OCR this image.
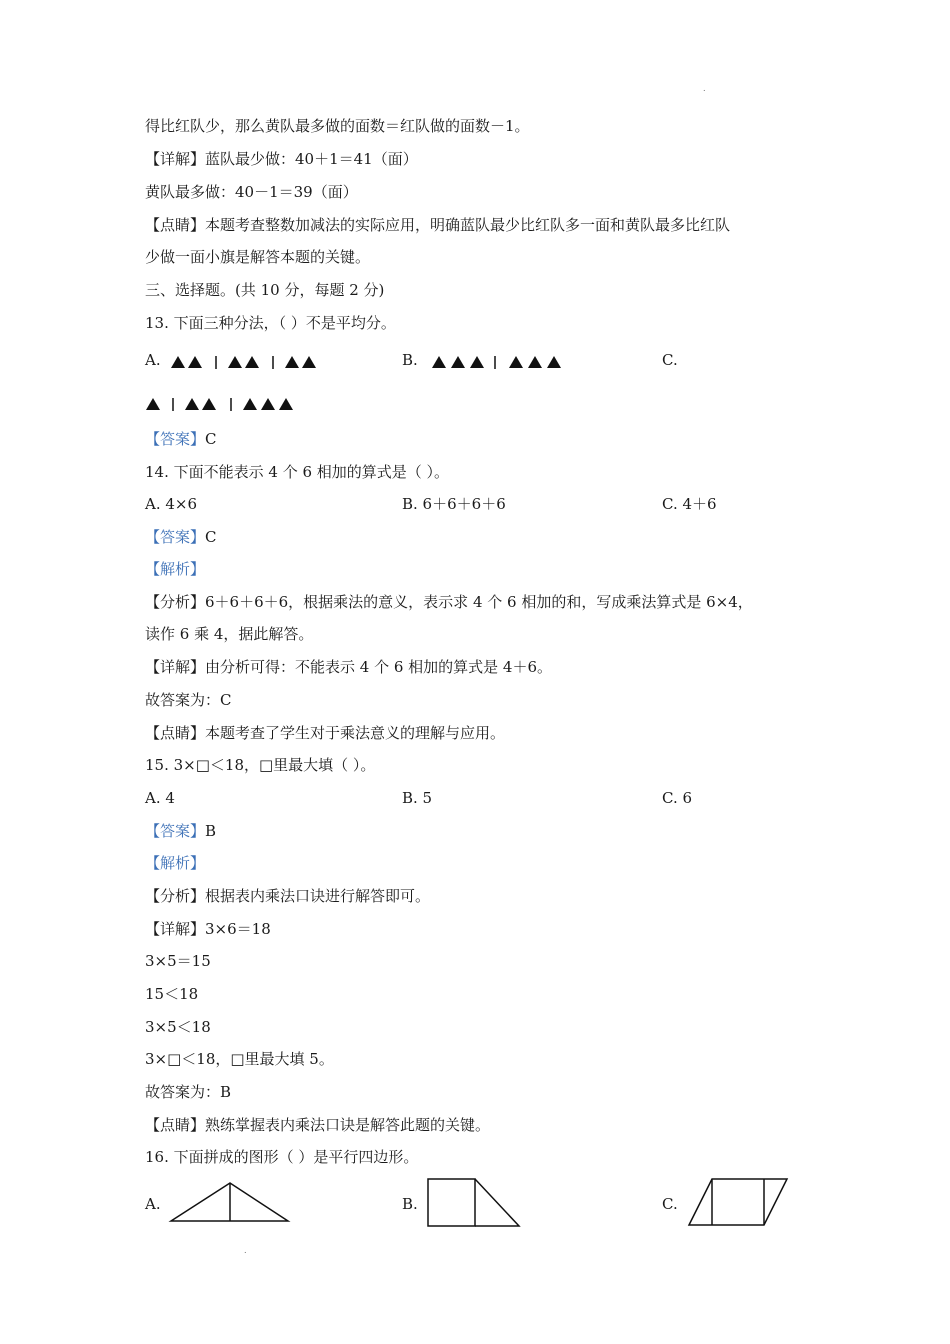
.
.
得比红队少，那么黄队最多做的面数＝红队做的面数－1。
【详解】蓝队最少做：40＋1＝41（面）
黄队最多做：40－1＝39（面）
【点睛】本题考查整数加减法的实际应用，明确蓝队最少比红队多一面和黄队最多比红队
少做一面小旗是解答本题的关键。
三、选择题。(共 10 分，每题 2 分)
13. 下面三种分法，（ ）不是平均分。
A.	B.	C.
【答案】C
14. 下面不能表示 4 个 6 相加的算式是（ ）。
A. 4×6	B. 6＋6＋6＋6	C. 4＋6
【答案】C
【解析】
【分析】6＋6＋6＋6，根据乘法的意义，表示求 4 个 6 相加的和，写成乘法算式是 6×4，
读作 6 乘 4，据此解答。
【详解】由分析可得：不能表示 4 个 6 相加的算式是 4＋6。
故答案为：C
【点睛】本题考查了学生对于乘法意义的理解与应用。
15. 3×□＜18，□里最大填（ ）。
A. 4	B. 5	C. 6
【答案】B
【解析】
【分析】根据表内乘法口诀进行解答即可。
【详解】3×6＝18
3×5＝15
15＜18
3×5＜18
3×□＜18，□里最大填 5。
故答案为：B
【点睛】熟练掌握表内乘法口诀是解答此题的关键。
16. 下面拼成的图形（ ）是平行四边形。
A.	B.	C.
